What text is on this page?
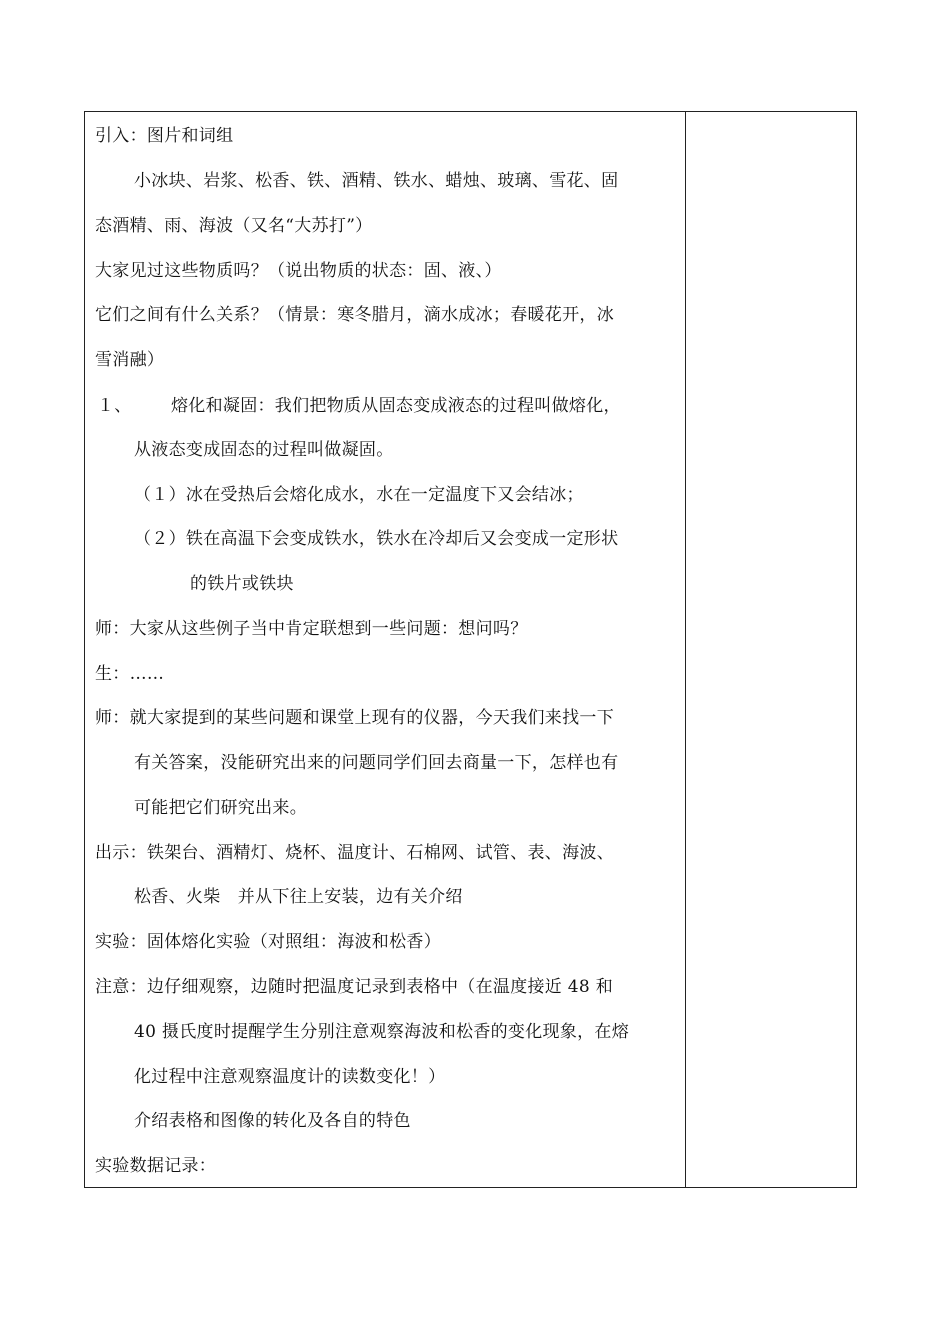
引入：图片和词组
小冰块、岩浆、松香、铁、酒精、铁水、蜡烛、玻璃、雪花、固
态酒精、雨、海波（又名“大苏打”）
大家见过这些物质吗？（说出物质的状态：固、液、）
它们之间有什么关系？（情景：寒冬腊月，滴水成冰；春暖花开，冰
雪消融）
１、 熔化和凝固：我们把物质从固态变成液态的过程叫做熔化，
从液态变成固态的过程叫做凝固。
（１）冰在受热后会熔化成水，水在一定温度下又会结冰；
（２）铁在高温下会变成铁水，铁水在冷却后又会变成一定形状
的铁片或铁块
师：大家从这些例子当中肯定联想到一些问题：想问吗？
生：……
师：就大家提到的某些问题和课堂上现有的仪器，今天我们来找一下
有关答案，没能研究出来的问题同学们回去商量一下，怎样也有
可能把它们研究出来。
出示：铁架台、酒精灯、烧杯、温度计、石棉网、试管、表、海波、
松香、火柴　并从下往上安装，边有关介绍
实验：固体熔化实验（对照组：海波和松香）
注意：边仔细观察，边随时把温度记录到表格中（在温度接近 48 和
40 摄氏度时提醒学生分别注意观察海波和松香的变化现象，在熔
化过程中注意观察温度计的读数变化！）
介绍表格和图像的转化及各自的特色
实验数据记录：
